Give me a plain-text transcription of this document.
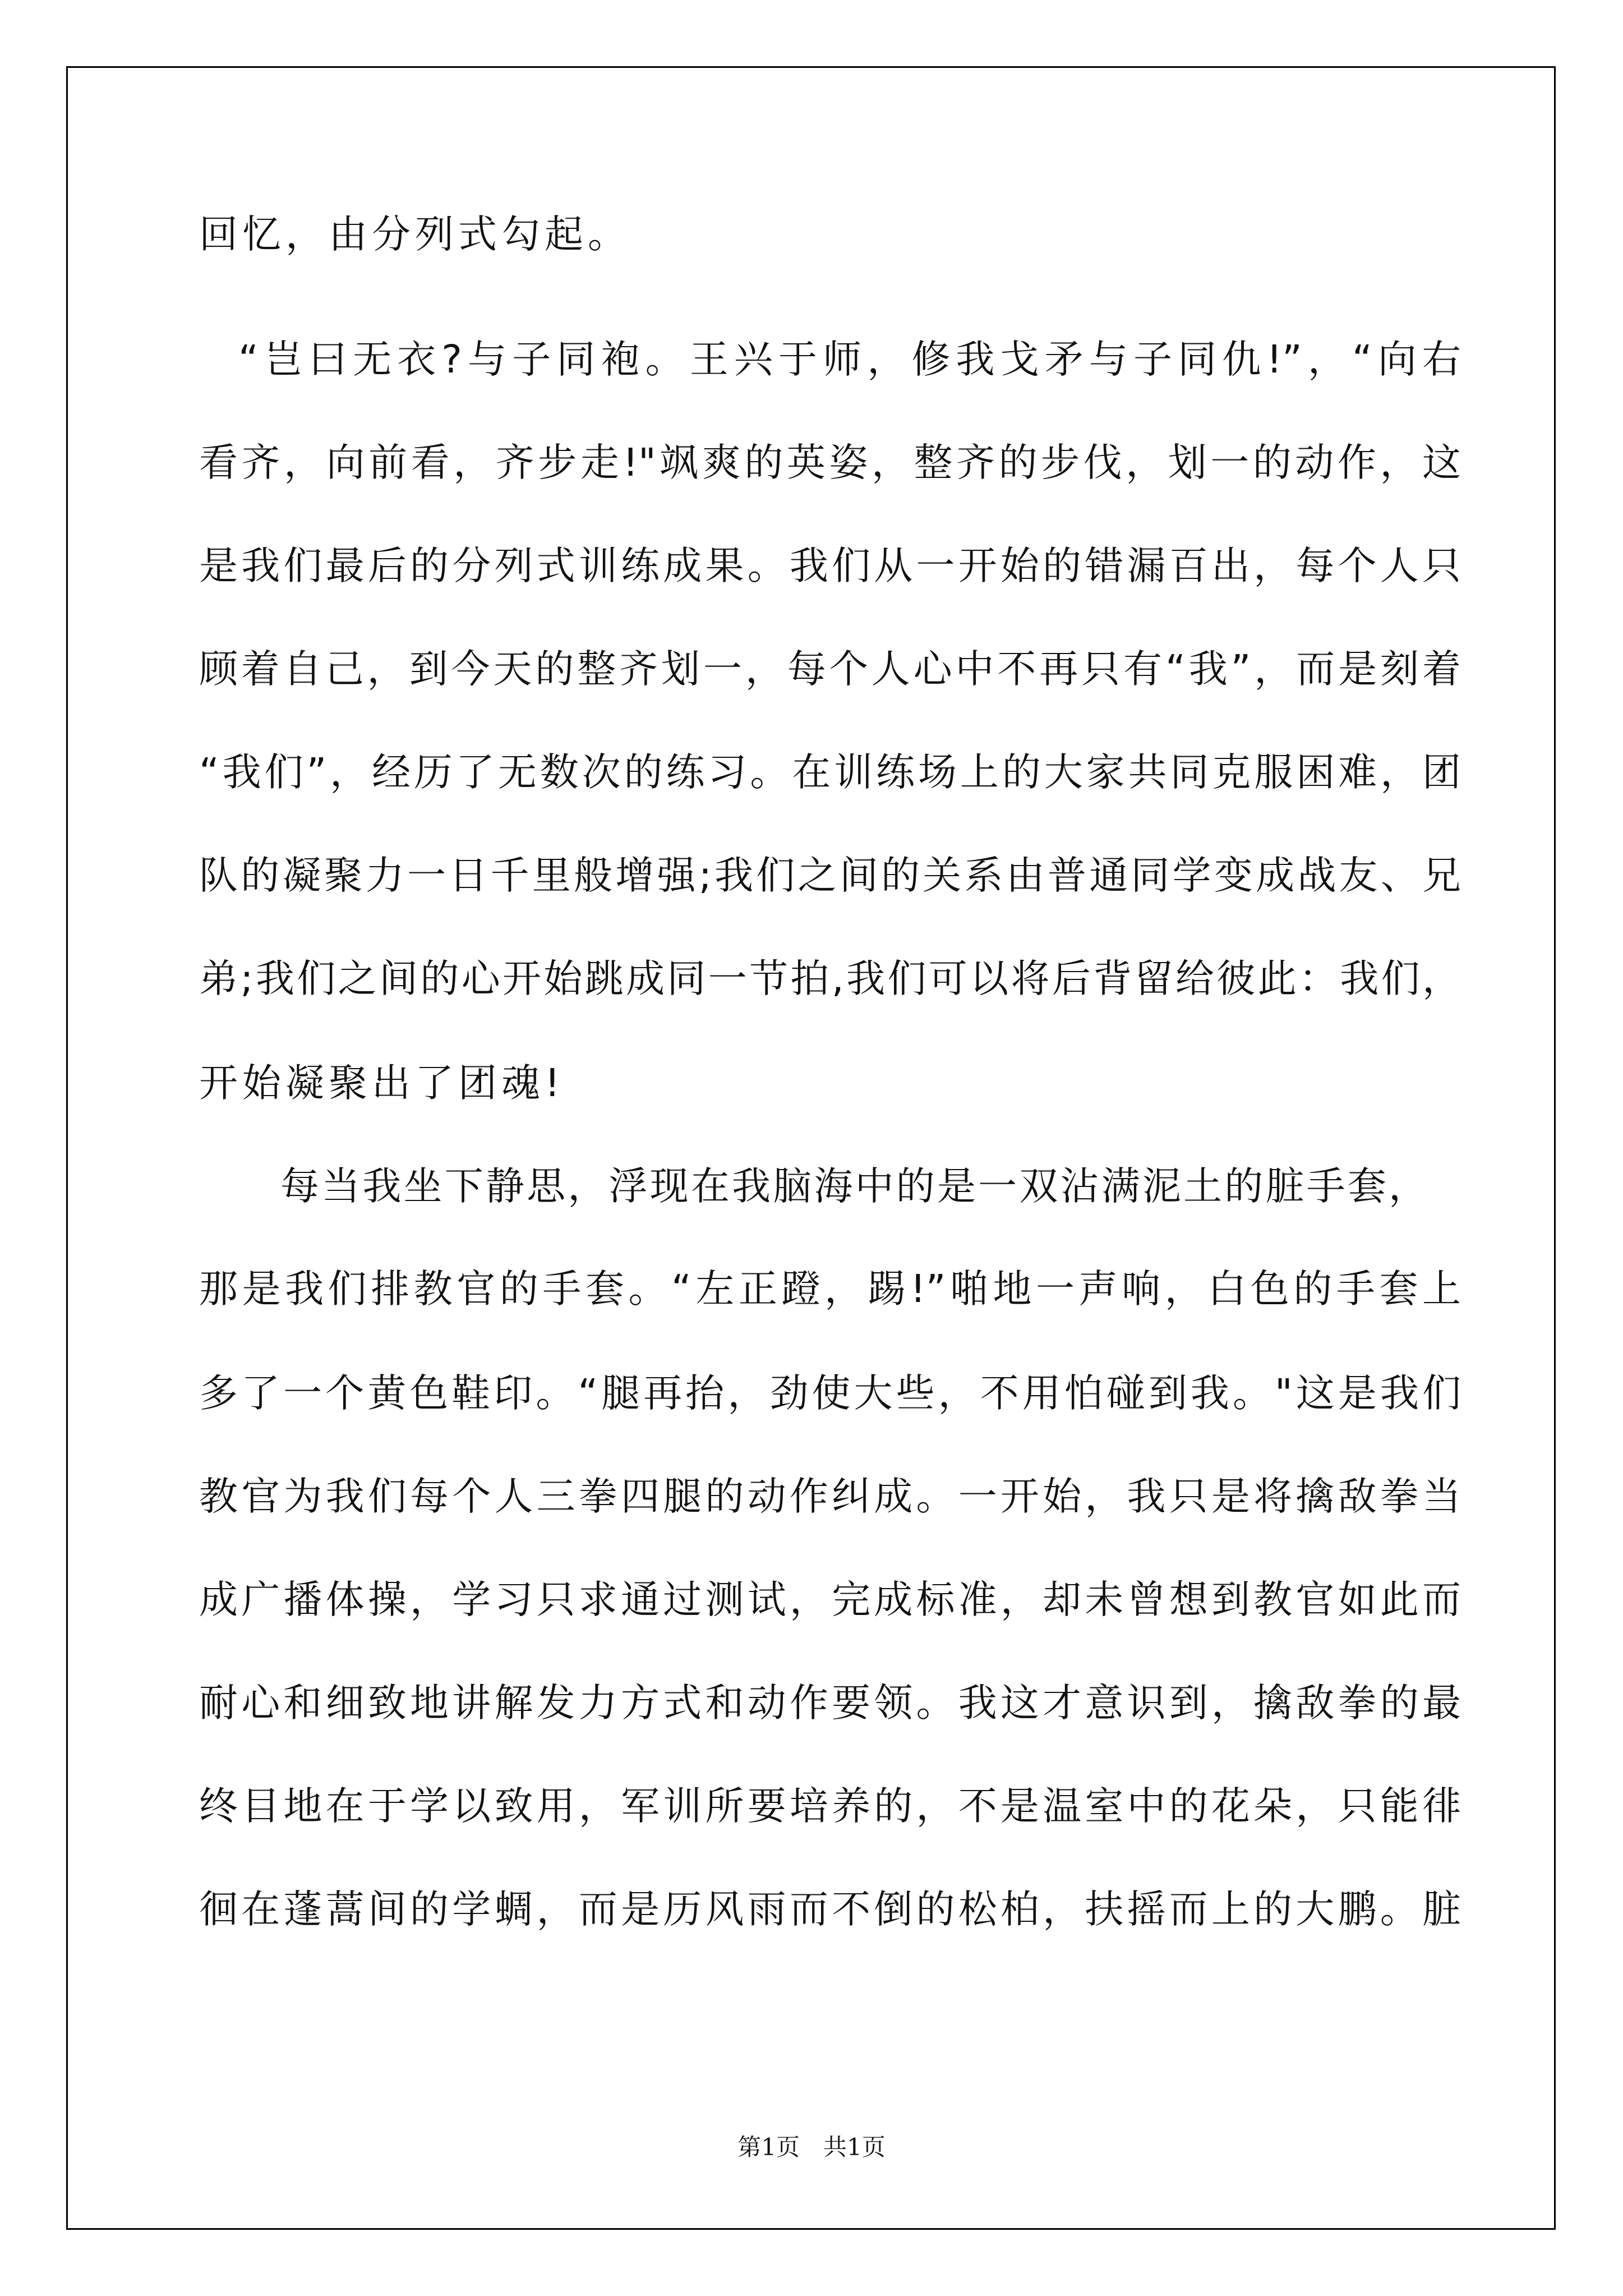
回忆，由分列式勾起。

“岂曰无衣?与子同袍。王兴于师，修我戈矛与子同仇!”，“向右

看齐，向前看，齐步走!"飒爽的英姿，整齐的步伐，划一的动作，这

是我们最后的分列式训练成果。我们从一开始的错漏百出，每个人只

顾着自己，到今天的整齐划一，每个人心中不再只有“我”，而是刻着

“我们”，经历了无数次的练习。在训练场上的大家共同克服困难，团

队的凝聚力一日千里般增强;我们之间的关系由普通同学变成战友、兄

弟;我们之间的心开始跳成同一节拍,我们可以将后背留给彼此：我们，

开始凝聚出了团魂!

每当我坐下静思，浮现在我脑海中的是一双沾满泥土的脏手套，

那是我们排教官的手套。“左正蹬，踢!”啪地一声响，白色的手套上

多了一个黄色鞋印。“腿再抬，劲使大些，不用怕碰到我。"这是我们

教官为我们每个人三拳四腿的动作纠成。一开始，我只是将擒敌拳当

成广播体操，学习只求通过测试，完成标准，却未曾想到教官如此而

耐心和细致地讲解发力方式和动作要领。我这才意识到，擒敌拳的最

终目地在于学以致用，军训所要培养的，不是温室中的花朵，只能徘

徊在蓬蒿间的学蜩，而是历风雨而不倒的松柏，扶摇而上的大鹏。脏

第1页　共1页
